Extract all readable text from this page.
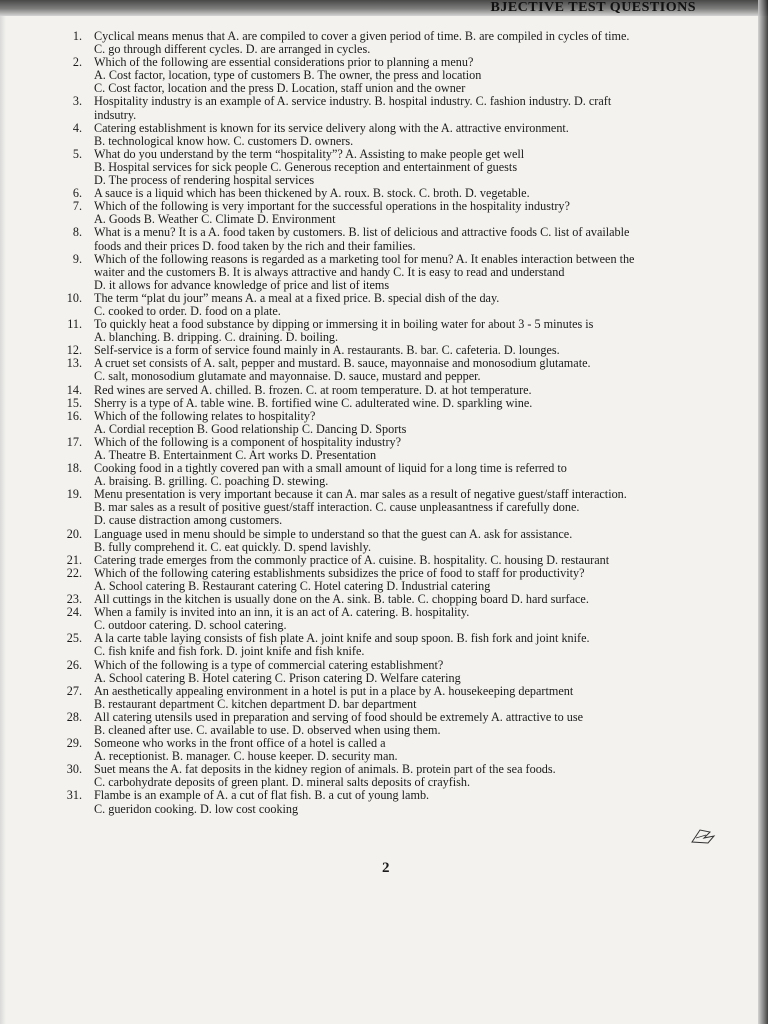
BJECTIVE TEST QUESTIONS
1. Cyclical means menus that A. are compiled to cover a given period of time. B. are compiled in cycles of time.
C. go through different cycles. D. are arranged in cycles.
2. Which of the following are essential considerations prior to planning a menu?
A. Cost factor, location, type of customers B. The owner, the press and location
C. Cost factor, location and the press D. Location, staff union and the owner
3. Hospitality industry is an example of A. service industry. B. hospital industry. C. fashion industry. D. craft
indsutry.
4. Catering establishment is known for its service delivery along with the A. attractive environment.
B. technological know how. C. customers D. owners.
5. What do you understand by the term “hospitality”? A. Assisting to make people get well
B. Hospital services for sick people C. Generous reception and entertainment of guests
D. The process of rendering hospital services
6. A sauce is a liquid which has been thickened by A. roux. B. stock. C. broth. D. vegetable.
7. Which of the following is very important for the successful operations in the hospitality industry?
A. Goods B. Weather C. Climate D. Environment
8. What is a menu? It is a A. food taken by customers. B. list of delicious and attractive foods C. list of available
foods and their prices D. food taken by the rich and their families.
9. Which of the following reasons is regarded as a marketing tool for menu? A. It enables interaction between the
waiter and the customers B. It is always attractive and handy C. It is easy to read and understand
D. it allows for advance knowledge of price and list of items
10. The term “plat du jour” means A. a meal at a fixed price. B. special dish of the day.
C. cooked to order. D. food on a plate.
11. To quickly heat a food substance by dipping or immersing it in boiling water for about 3 - 5 minutes is
A. blanching. B. dripping. C. draining. D. boiling.
12. Self-service is a form of service found mainly in A. restaurants. B. bar. C. cafeteria. D. lounges.
13. A cruet set consists of A. salt, pepper and mustard. B. sauce, mayonnaise and monosodium glutamate.
C. salt, monosodium glutamate and mayonnaise. D. sauce, mustard and pepper.
14. Red wines are served A. chilled. B. frozen. C. at room temperature. D. at hot temperature.
15. Sherry is a type of A. table wine. B. fortified wine C. adulterated wine. D. sparkling wine.
16. Which of the following relates to hospitality?
A. Cordial reception B. Good relationship C. Dancing D. Sports
17. Which of the following is a component of hospitality industry?
A. Theatre B. Entertainment C. Art works D. Presentation
18. Cooking food in a tightly covered pan with a small amount of liquid for a long time is referred to
A. braising. B. grilling. C. poaching D. stewing.
19. Menu presentation is very important because it can A. mar sales as a result of negative guest/staff interaction.
B. mar sales as a result of positive guest/staff interaction. C. cause unpleasantness if carefully done.
D. cause distraction among customers.
20. Language used in menu should be simple to understand so that the guest can A. ask for assistance.
B. fully comprehend it. C. eat quickly. D. spend lavishly.
21. Catering trade emerges from the commonly practice of A. cuisine. B. hospitality. C. housing D. restaurant
22. Which of the following catering establishments subsidizes the price of food to staff for productivity?
A. School catering B. Restaurant catering C. Hotel catering D. Industrial catering
23. All cuttings in the kitchen is usually done on the A. sink. B. table. C. chopping board D. hard surface.
24. When a family is invited into an inn, it is an act of A. catering. B. hospitality.
C. outdoor catering. D. school catering.
25. A la carte table laying consists of fish plate A. joint knife and soup spoon. B. fish fork and joint knife.
C. fish knife and fish fork. D. joint knife and fish knife.
26. Which of the following is a type of commercial catering establishment?
A. School catering B. Hotel catering C. Prison catering D. Welfare catering
27. An aesthetically appealing environment in a hotel is put in a place by A. housekeeping department
B. restaurant department C. kitchen department D. bar department
28. All catering utensils used in preparation and serving of food should be extremely A. attractive to use
B. cleaned after use. C. available to use. D. observed when using them.
29. Someone who works in the front office of a hotel is called a
A. receptionist. B. manager. C. house keeper. D. security man.
30. Suet means the A. fat deposits in the kidney region of animals. B. protein part of the sea foods.
C. carbohydrate deposits of green plant. D. mineral salts deposits of crayfish.
31. Flambe is an example of A. a cut of flat fish. B. a cut of young lamb.
C. gueridon cooking. D. low cost cooking
2
